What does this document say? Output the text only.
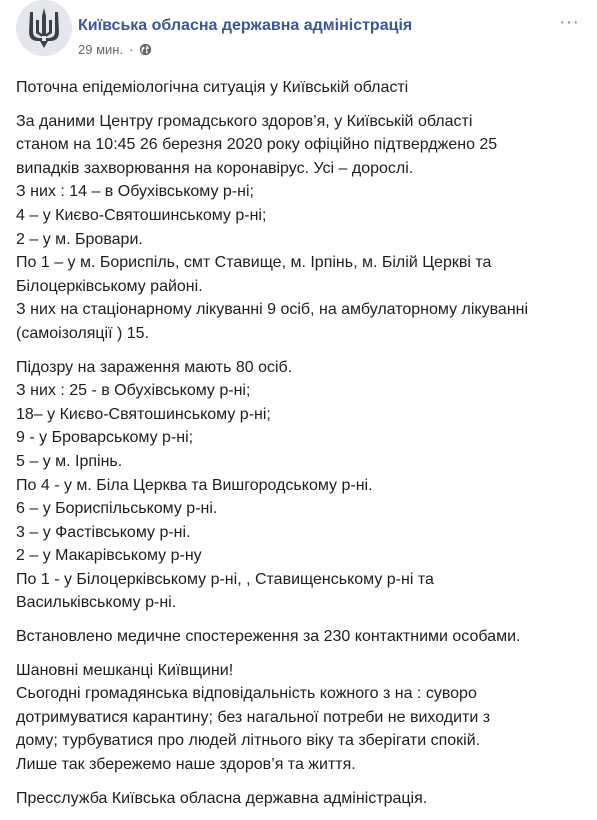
Київська обласна державна адміністрація
29 мин. ·
···

Поточна епідеміологічна ситуація у Київській області

За даними Центру громадського здоров’я, у Київській області
станом на 10:45 26 березня 2020 року офіційно підтверджено 25
випадків захворювання на коронавірус. Усі – дорослі.
З них : 14 – в Обухівському р-ні;
4 – у Києво-Святошинському р-ні;
2 – у м. Бровари.
По 1 – у м. Бориспіль, смт Ставище, м. Ірпінь, м. Білій Церкві та
Білоцерківському районі.
З них на стаціонарному лікуванні 9 осіб, на амбулаторному лікуванні
(самоізоляції ) 15.

Підозру на зараження мають 80 осіб.
З них : 25 - в Обухівському р-ні;
18– у Києво-Святошинському р-ні;
9 - у Броварському р-ні;
5 – у м. Ірпінь.
По 4 - у м. Біла Церква та Вишгородському р-ні.
6 – у Бориспільському р-ні.
3 – у Фастівському р-ні.
2 – у Макарівському р-ну
По 1 - у Білоцерківському р-ні, , Ставищенському р-ні та
Васильківському р-ні.

Встановлено медичне спостереження за 230 контактними особами.

Шановні мешканці Київщини!
Сьогодні громадянська відповідальність кожного з на : суворо
дотримуватися карантину; без нагальної потреби не виходити з
дому; турбуватися про людей літнього віку та зберігати спокій.
Лише так збережемо наше здоров’я та життя.

Пресслужба Київська обласна державна адміністрація.
